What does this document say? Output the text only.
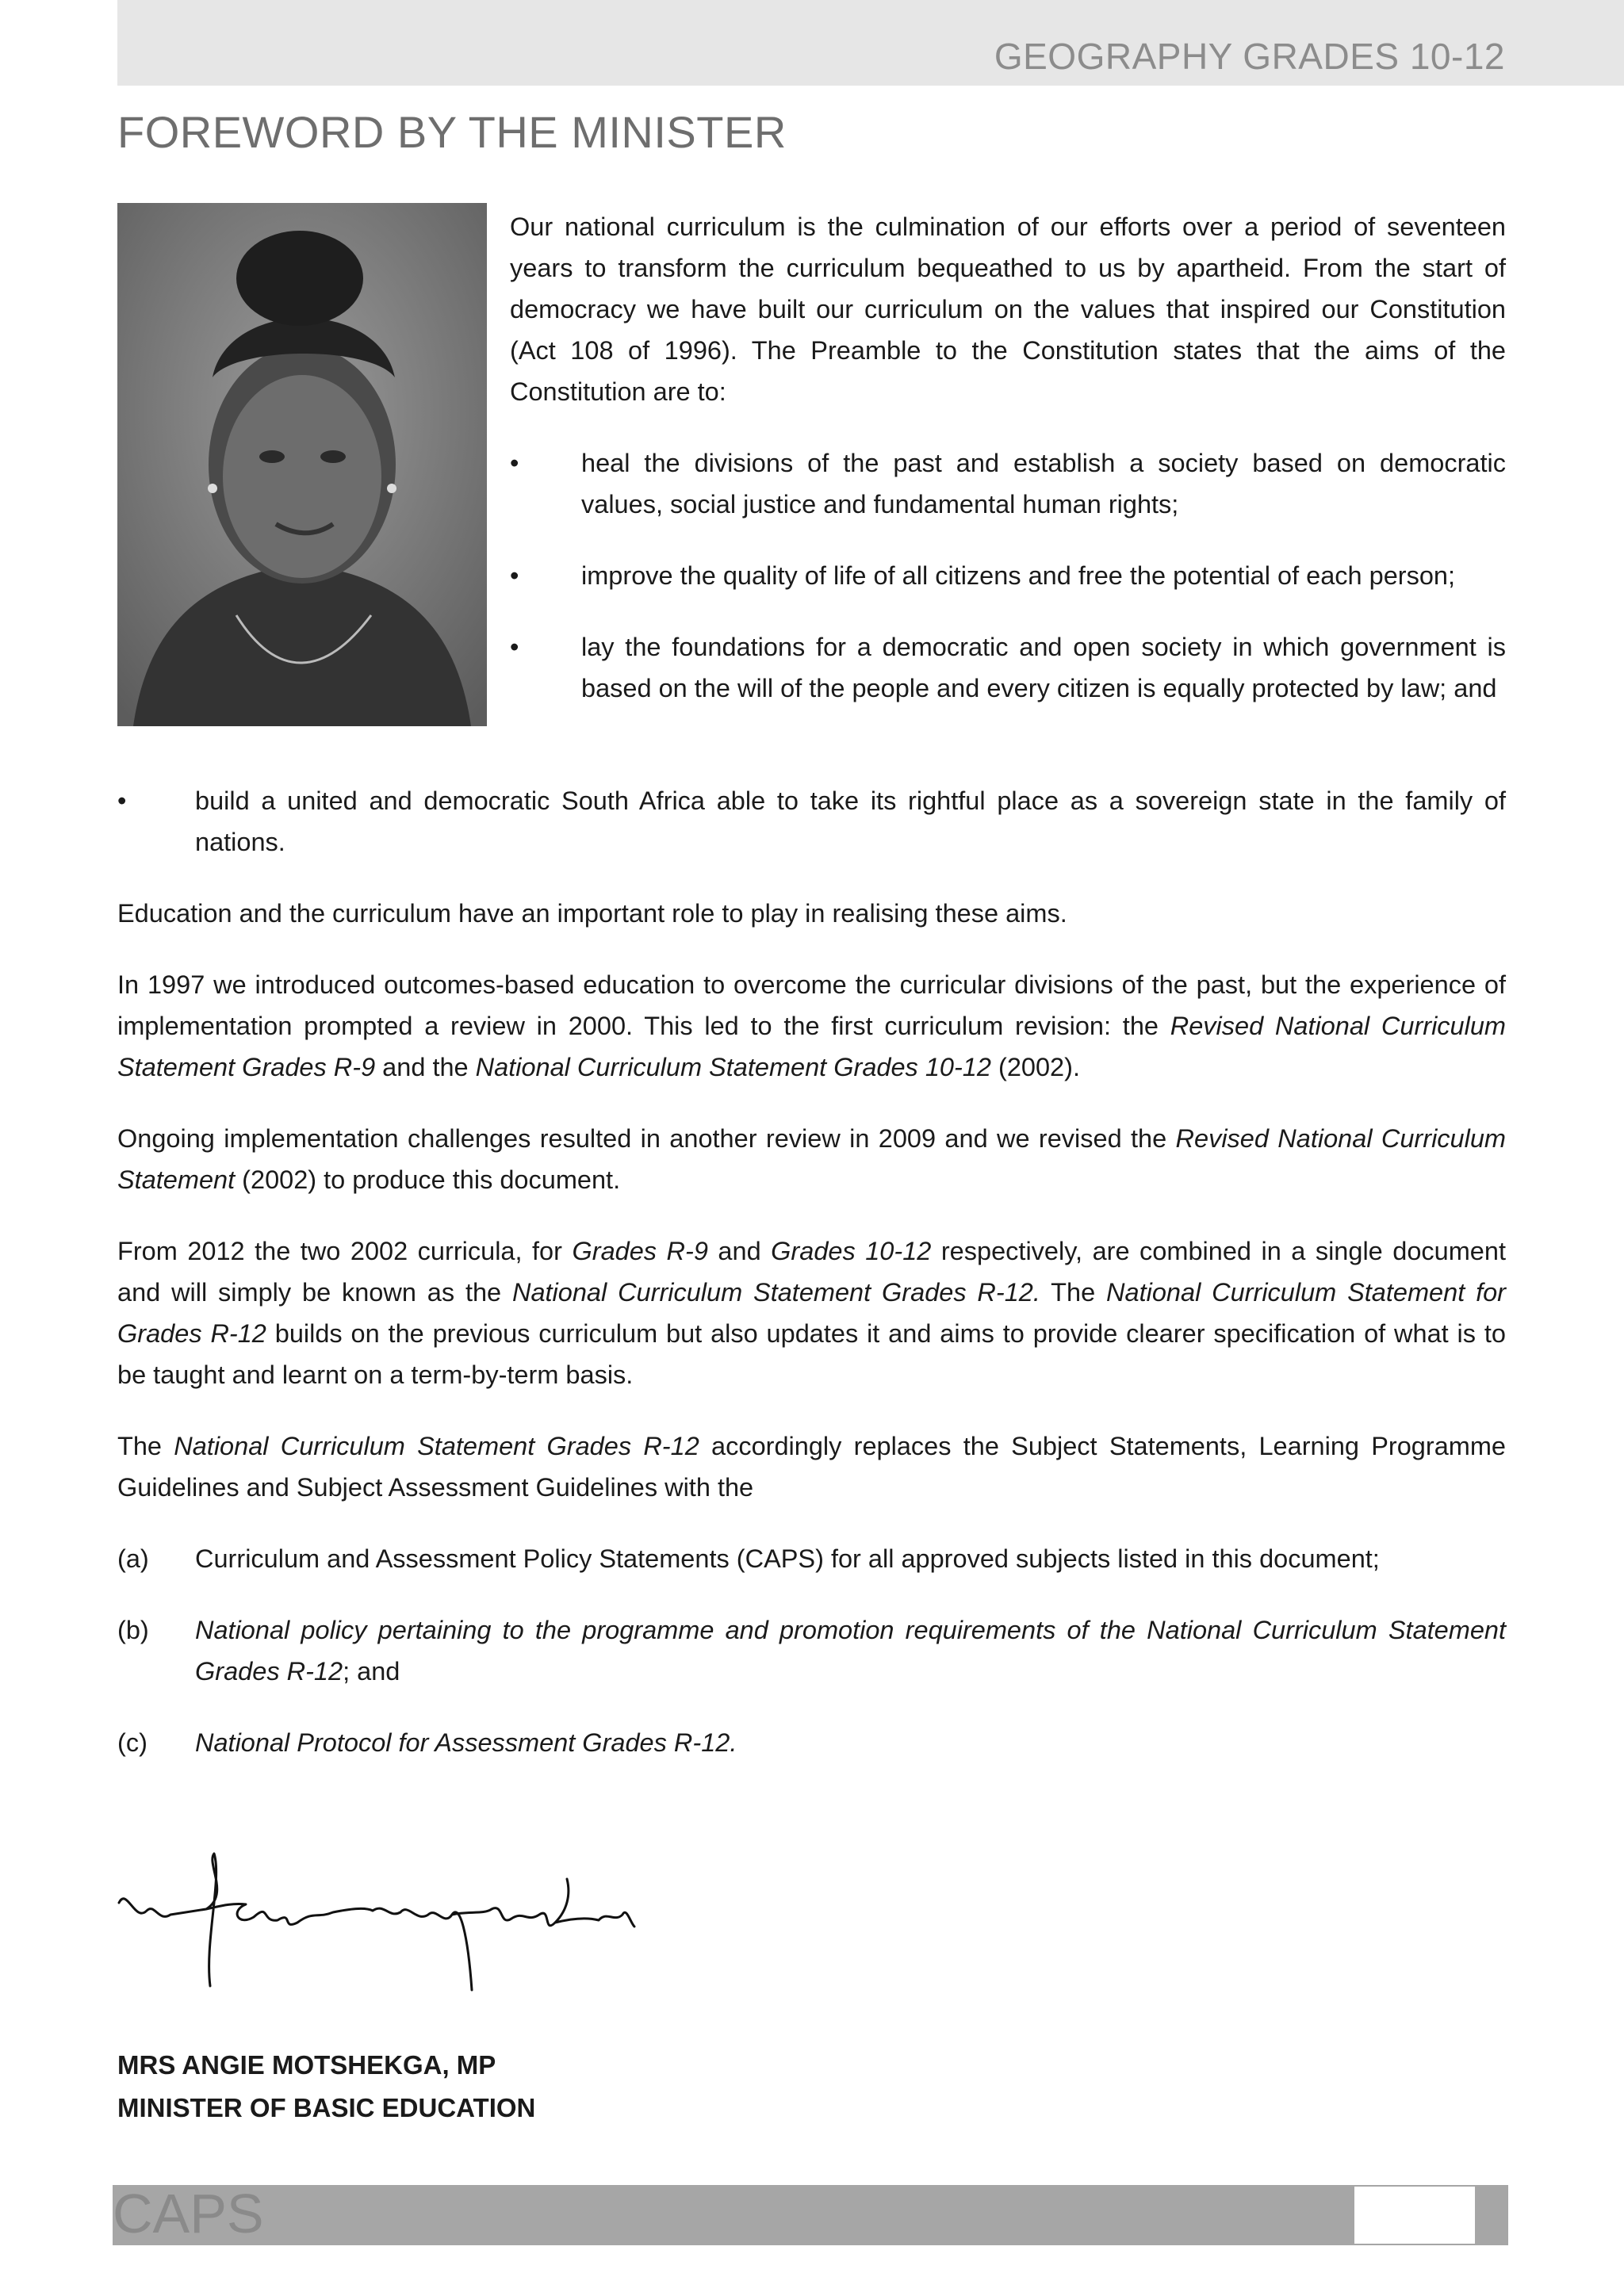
GEOGRAPHY GRADES 10-12
FOREWORD BY THE MINISTER

Our national curriculum is the culmination of our efforts over a period of seventeen years to transform the curriculum bequeathed to us by apartheid. From the start of democracy we have built our curriculum on the values that inspired our Constitution (Act 108 of 1996). The Preamble to the Constitution states that the aims of the Constitution are to:

• heal the divisions of the past and establish a society based on democratic values, social justice and fundamental human rights;
• improve the quality of life of all citizens and free the potential of each person;
• lay the foundations for a democratic and open society in which government is based on the will of the people and every citizen is equally protected by law; and
•	build a united and democratic South Africa able to take its rightful place as a sovereign state in the family of nations.

Education and the curriculum have an important role to play in realising these aims.

In 1997 we introduced outcomes-based education to overcome the curricular divisions of the past, but the experience of implementation prompted a review in 2000. This led to the first curriculum revision: the Revised National Curriculum Statement Grades R-9 and the National Curriculum Statement Grades 10-12 (2002).

Ongoing implementation challenges resulted in another review in 2009 and we revised the Revised National Curriculum Statement (2002) to produce this document.

From 2012 the two 2002 curricula, for Grades R-9 and Grades 10-12 respectively, are combined in a single document and will simply be known as the National Curriculum Statement Grades R-12. The National Curriculum Statement for Grades R-12 builds on the previous curriculum but also updates it and aims to provide clearer specification of what is to be taught and learnt on a term-by-term basis.

The National Curriculum Statement Grades R-12 accordingly replaces the Subject Statements, Learning Programme Guidelines and Subject Assessment Guidelines with the

(a) Curriculum and Assessment Policy Statements (CAPS) for all approved subjects listed in this document;
(b) National policy pertaining to the programme and promotion requirements of the National Curriculum Statement Grades R-12; and
(c) National Protocol for Assessment Grades R-12.
MRS ANGIE MOTSHEKGA, MP
MINISTER OF BASIC EDUCATION
CAPS
